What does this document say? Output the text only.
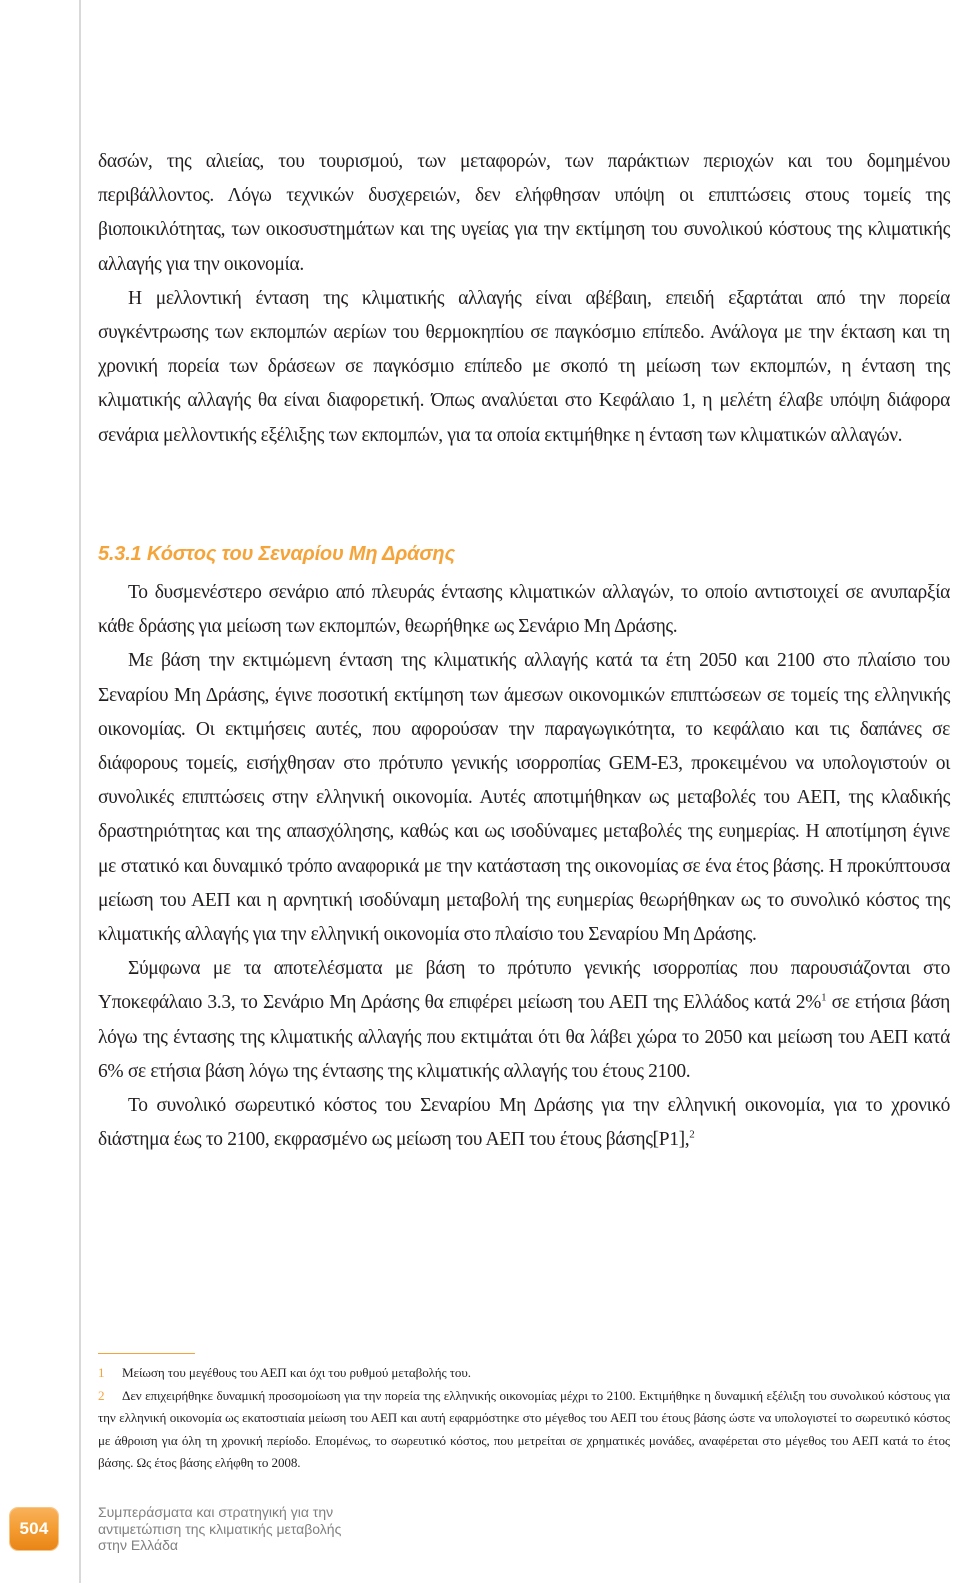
δασών, της αλιείας, του τουρισμού, των μεταφορών, των παράκτιων περιοχών και του δομημένου περιβάλλοντος. Λόγω τεχνικών δυσχερειών, δεν ελήφθησαν υπόψη οι επιπτώσεις στους τομείς της βιοποικιλότητας, των οικοσυστημάτων και της υγείας για την εκτίμηση του συνολικού κόστους της κλιματικής αλλαγής για την οικονομία.

Η μελλοντική ένταση της κλιματικής αλλαγής είναι αβέβαιη, επειδή εξαρτάται από την πορεία συγκέντρωσης των εκπομπών αερίων του θερμοκηπίου σε παγκόσμιο επίπεδο. Ανάλογα με την έκταση και τη χρονική πορεία των δράσεων σε παγκόσμιο επίπεδο με σκοπό τη μείωση των εκπομπών, η ένταση της κλιματικής αλλαγής θα είναι διαφορετική. Όπως αναλύεται στο Κεφάλαιο 1, η μελέτη έλαβε υπόψη διάφορα σενάρια μελλοντικής εξέλιξης των εκπομπών, για τα οποία εκτιμήθηκε η ένταση των κλιματικών αλλαγών.

5.3.1 Κόστος του Σεναρίου Μη Δράσης

Το δυσμενέστερο σενάριο από πλευράς έντασης κλιματικών αλλαγών, το οποίο αντιστοιχεί σε ανυπαρξία κάθε δράσης για μείωση των εκπομπών, θεωρήθηκε ως Σενάριο Μη Δράσης.

Με βάση την εκτιμώμενη ένταση της κλιματικής αλλαγής κατά τα έτη 2050 και 2100 στο πλαίσιο του Σεναρίου Μη Δράσης, έγινε ποσοτική εκτίμηση των άμεσων οικονομικών επιπτώσεων σε τομείς της ελληνικής οικονομίας. Οι εκτιμήσεις αυτές, που αφορούσαν την παραγωγικότητα, το κεφάλαιο και τις δαπάνες σε διάφορους τομείς, εισήχθησαν στο πρότυπο γενικής ισορροπίας GEM-E3, προκειμένου να υπολογιστούν οι συνολικές επιπτώσεις στην ελληνική οικονομία. Αυτές αποτιμήθηκαν ως μεταβολές του ΑΕΠ, της κλαδικής δραστηριότητας και της απασχόλησης, καθώς και ως ισοδύναμες μεταβολές της ευημερίας. Η αποτίμηση έγινε με στατικό και δυναμικό τρόπο αναφορικά με την κατάσταση της οικονομίας σε ένα έτος βάσης. Η προκύπτουσα μείωση του ΑΕΠ και η αρνητική ισοδύναμη μεταβολή της ευημερίας θεωρήθηκαν ως το συνολικό κόστος της κλιματικής αλλαγής για την ελληνική οικονομία στο πλαίσιο του Σεναρίου Μη Δράσης.

Σύμφωνα με τα αποτελέσματα με βάση το πρότυπο γενικής ισορροπίας που παρουσιάζονται στο Υποκεφάλαιο 3.3, το Σενάριο Μη Δράσης θα επιφέρει μείωση του ΑΕΠ της Ελλάδος κατά 2%$^1$ σε ετήσια βάση λόγω της έντασης της κλιματικής αλλαγής που εκτιμάται ότι θα λάβει χώρα το 2050 και μείωση του ΑΕΠ κατά 6% σε ετήσια βάση λόγω της έντασης της κλιματικής αλλαγής του έτους 2100.

Το συνολικό σωρευτικό κόστος του Σεναρίου Μη Δράσης για την ελληνική οικονομία, για το χρονικό διάστημα έως το 2100, εκφρασμένο ως μείωση του ΑΕΠ του έτους βάσης[P1],$^2$

1 Μείωση του μεγέθους του ΑΕΠ και όχι του ρυθμού μεταβολής του.

2 Δεν επιχειρήθηκε δυναμική προσομοίωση για την πορεία της ελληνικής οικονομίας μέχρι το 2100. Εκτιμήθηκε η δυναμική εξέλιξη του συνολικού κόστους για την ελληνική οικονομία ως εκατοστιαία μείωση του ΑΕΠ και αυτή εφαρμόστηκε στο μέγεθος του ΑΕΠ του έτους βάσης ώστε να υπολογιστεί το σωρευτικό κόστος με άθροιση για όλη τη χρονική περίοδο. Επομένως, το σωρευτικό κόστος, που μετρείται σε χρηματικές μονάδες, αναφέρεται στο μέγεθος του ΑΕΠ κατά το έτος βάσης. Ως έτος βάσης ελήφθη το 2008.

504
Συμπεράσματα και στρατηγική για την
αντιμετώπιση της κλιματικής μεταβολής
στην Ελλάδα
